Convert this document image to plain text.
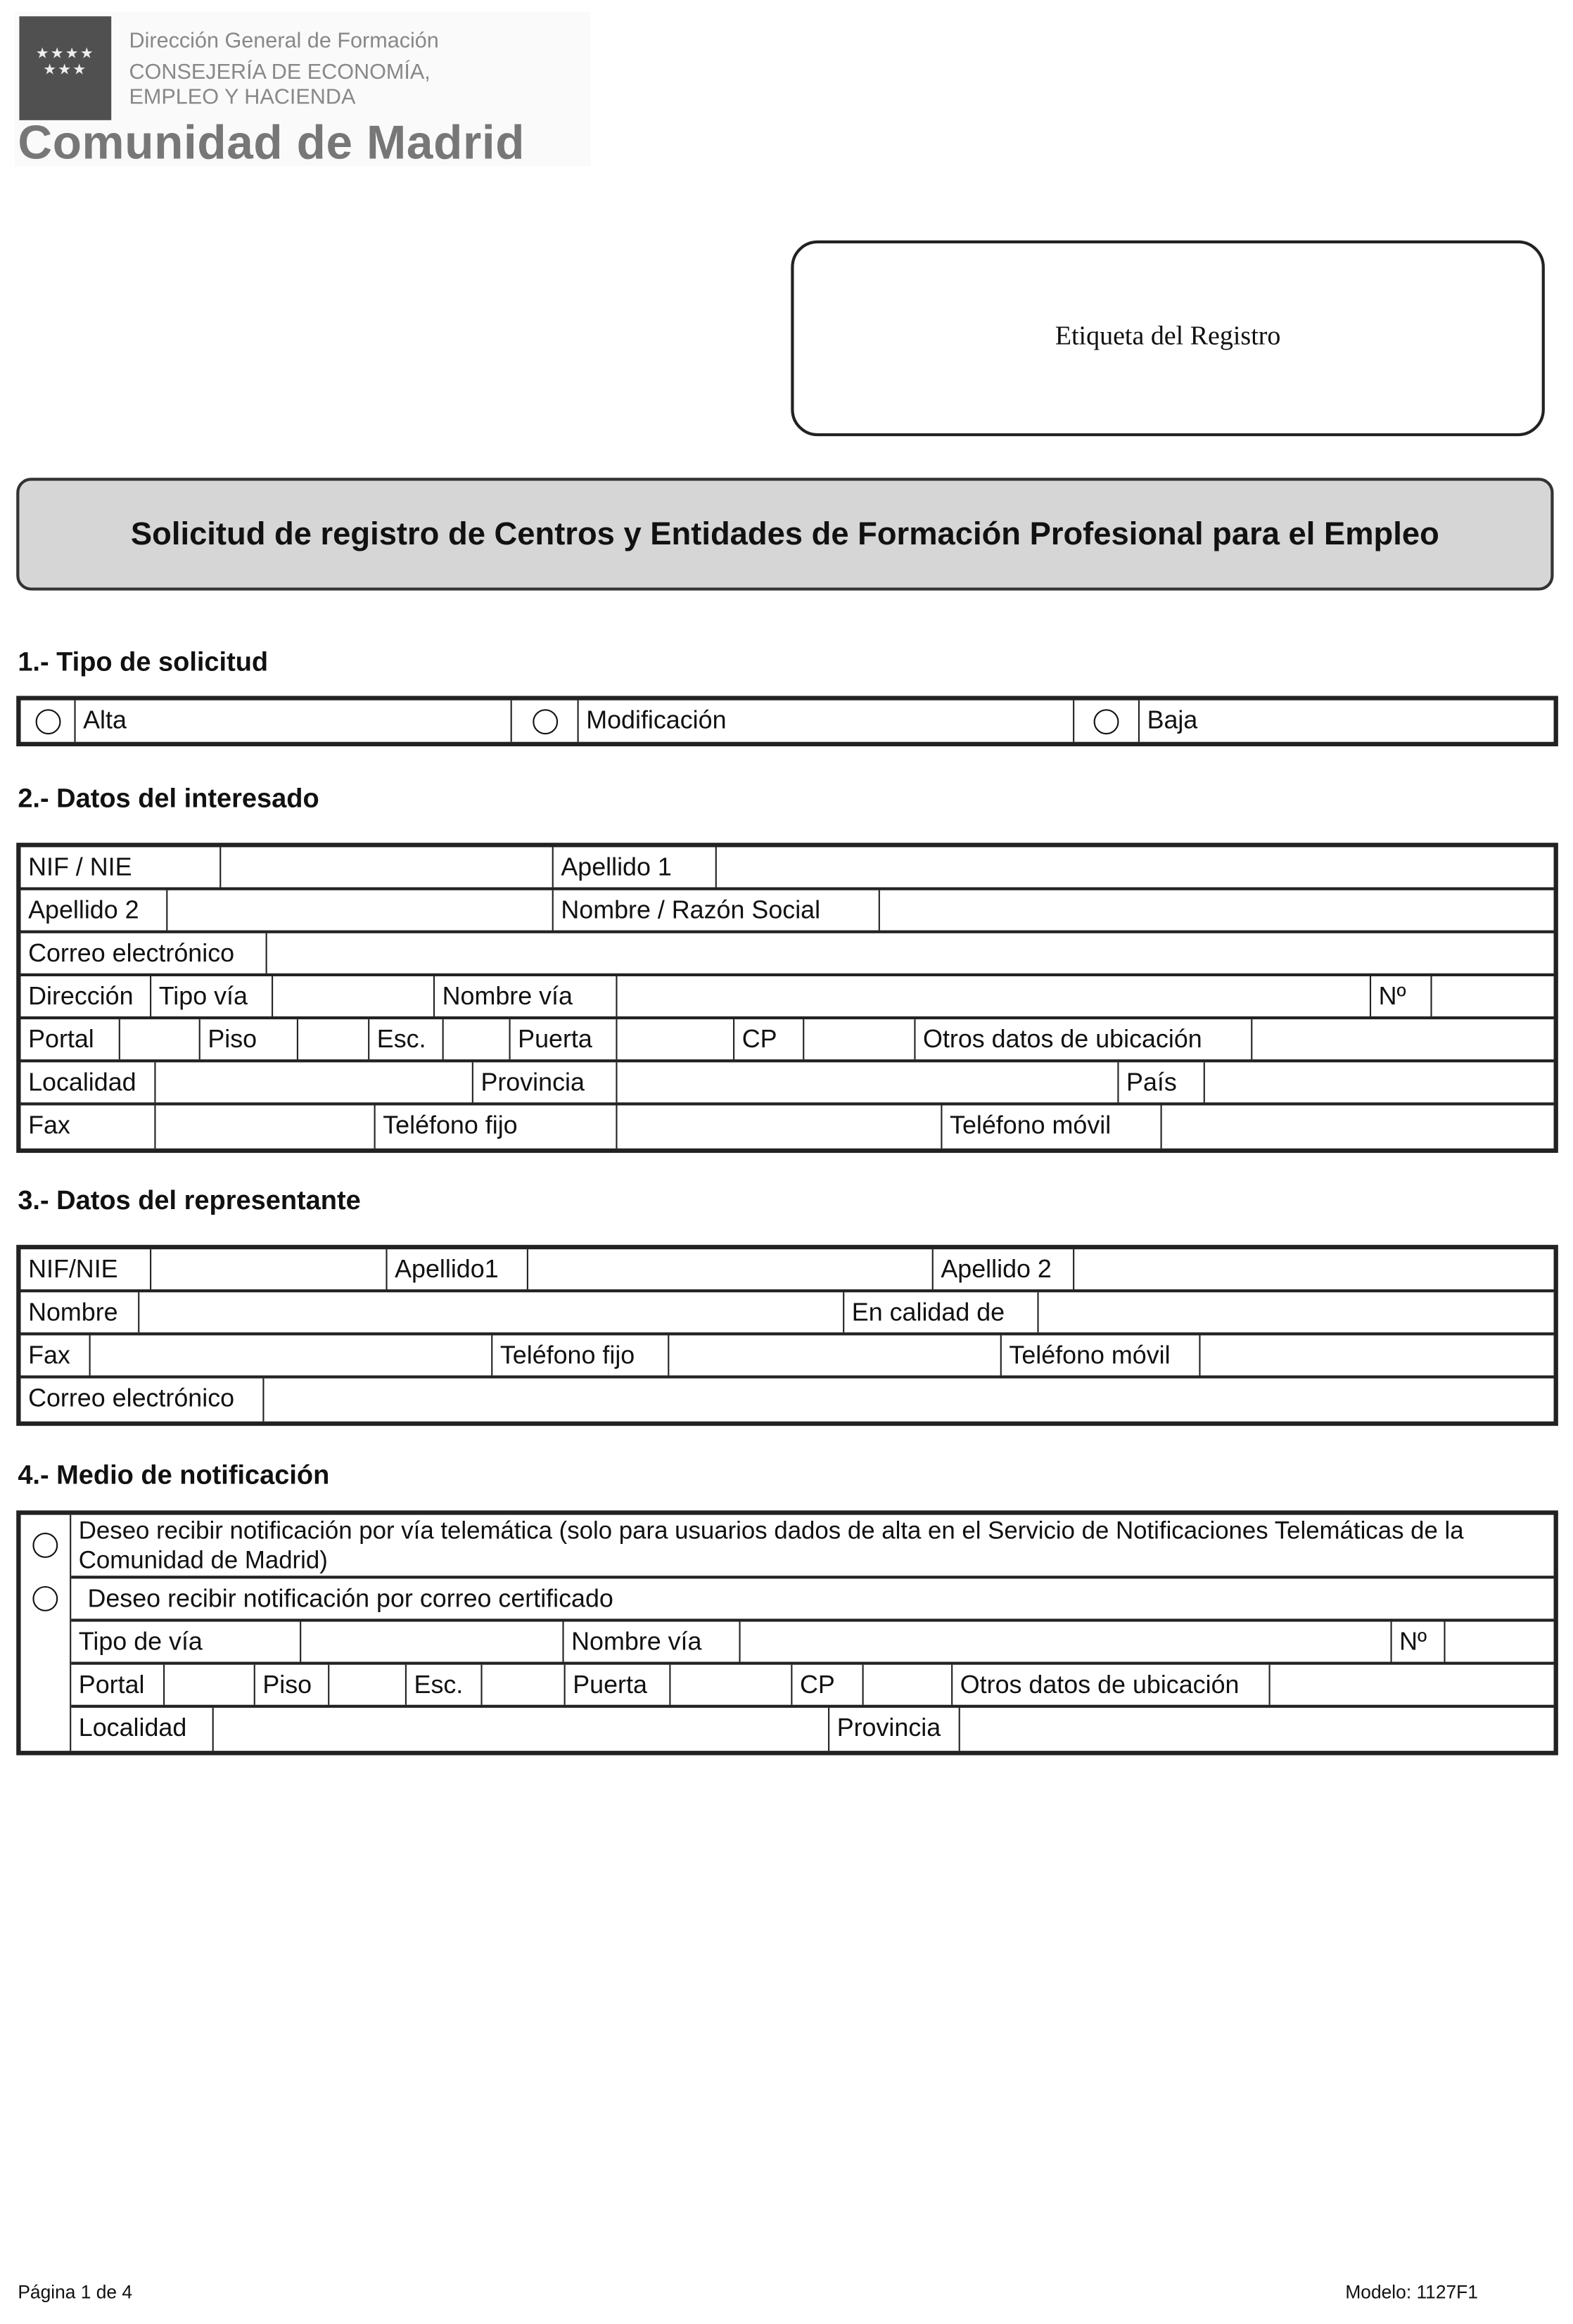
★★★★ ★★★
Dirección General de Formación
CONSEJERÍA DE ECONOMÍA,
EMPLEO Y HACIENDA
Comunidad de Madrid
Etiqueta del Registro
Solicitud de registro de Centros y Entidades de Formación Profesional para el Empleo
1.- Tipo de solicitud
Alta	Modificación	Baja
2.- Datos del interesado
NIF / NIE	Apellido 1
Apellido 2	Nombre / Razón Social
Correo electrónico
Dirección	Tipo vía	Nombre vía	Nº
Portal	Piso	Esc.	Puerta	CP	Otros datos de ubicación
Localidad	Provincia	País
Fax	Teléfono fijo	Teléfono móvil
3.- Datos del representante
NIF/NIE	Apellido1	Apellido 2
Nombre	En calidad de
Fax	Teléfono fijo	Teléfono móvil
Correo electrónico
4.- Medio de notificación
Deseo recibir notificación por vía telemática (solo para usuarios dados de alta en el Servicio de Notificaciones Telemáticas de la Comunidad de Madrid)
Deseo recibir notificación por correo certificado
Tipo de vía	Nombre vía	Nº
Portal	Piso	Esc.	Puerta	CP	Otros datos de ubicación
Localidad	Provincia
Página 1 de 4	Modelo: 1127F1
